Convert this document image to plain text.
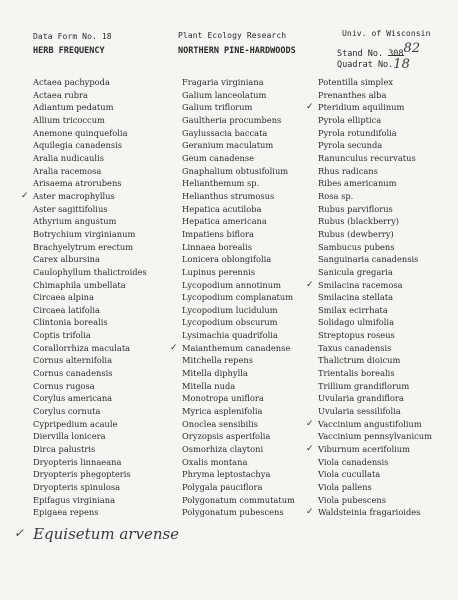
Data Form No. 18	Plant Ecology Research	Univ. of Wisconsin
HERB FREQUENCY	NORTHERN PINE-HARDWOODS	Stand No. 30882
Quadrat No.18
Actaea pachypoda
Actaea rubra
Adiantum pedatum
Allium tricoccum
Anemone quinquefolia
Aquilegia canadensis
Aralia nudicaulis
Aralia racemosa
Arisaema atrorubens
✓ Aster macrophyllus
Aster sagittifolius
Athyrium angustum
Botrychium virginianum
Brachyelytrum erectum
Carex albursina
Caulophyllum thalictroides
Chimaphila umbellata
Circaea alpina
Circaea latifolia
Clintonia borealis
Coptis trifolia
Corallorrhiza maculata
Cornus alternifolia
Cornus canadensis
Cornus rugosa
Corylus americana
Corylus cornuta
Cypripedium acaule
Diervilla lonicera
Dirca palustris
Dryopteris linnaeana
Dryopteris phegopteris
Dryopteris spinulosa
Epifagus virginiana
Epigaea repens
Fragaria virginiana
Galium lanceolatum
Galium triflorum
Gaultheria procumbens
Gaylussacia baccata
Geranium maculatum
Geum canadense
Gnaphalium obtusifolium
Helianthemum sp.
Helianthus strumosus
Hepatica acutiloba
Hepatica americana
Impatiens biflora
Linnaea borealis
Lonicera oblongifolia
Lupinus perennis
Lycopodium annotinum
Lycopodium complanatum
Lycopodium lucidulum
Lycopodium obscurum
Lysimachia quadrifolia
✓ Maianthemum canadense
Mitchella repens
Mitella diphylla
Mitella nuda
Monotropa uniflora
Myrica asplenifolia
Onoclea sensibilis
Oryzopsis asperifolia
Osmorhiza claytoni
Oxalis montana
Phryma leptostachya
Polygala pauciflora
Polygonatum commutatum
Polygonatum pubescens
Potentilla simplex
Prenanthes alba
✓ Pteridium aquilinum
Pyrola elliptica
Pyrola rotundifolia
Pyrola secunda
Ranunculus recurvatus
Rhus radicans
Ribes americanum
Rosa sp.
Rubus parviflorus
Rubus (blackberry)
Rubus (dewberry)
Sambucus pubens
Sanguinaria canadensis
Sanicula gregaria
✓ Smilacina racemosa
Smilacina stellata
Smilax ecirrhata
Solidago ulmifolia
Streptopus roseus
Taxus canadensis
Thalictrum dioicum
Trientalis borealis
Trillium grandiflorum
Uvularia grandiflora
Uvularia sessilifolia
✓ Vaccinium angustifolium
Vaccinium pennsylvanicum
✓ Viburnum acerifolium
Viola canadensis
Viola cucullata
Viola pallens
Viola pubescens
✓ Waldsteinia fragarioides
✓ Equisetum arvense
